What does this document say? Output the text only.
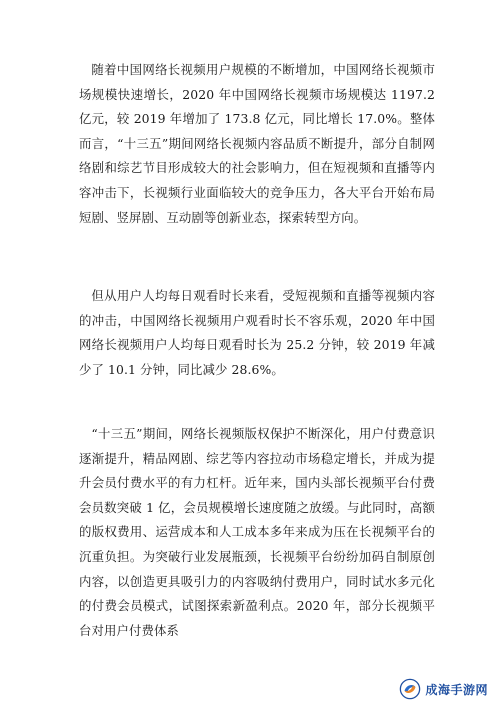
随着中国网络长视频用户规模的不断增加，中国网络长视频市场规模快速增长，2020 年中国网络长视频市场规模达 1197.2 亿元，较 2019 年增加了 173.8 亿元，同比增长 17.0%。整体而言，“十三五”期间网络长视频内容品质不断提升，部分自制网络剧和综艺节目形成较大的社会影响力，但在短视频和直播等内容冲击下，长视频行业面临较大的竞争压力，各大平台开始布局短剧、竖屏剧、互动剧等创新业态，探索转型方向。

但从用户人均每日观看时长来看，受短视频和直播等视频内容的冲击，中国网络长视频用户观看时长不容乐观，2020 年中国网络长视频用户人均每日观看时长为 25.2 分钟，较 2019 年减少了 10.1 分钟，同比减少 28.6%。

“十三五”期间，网络长视频版权保护不断深化，用户付费意识逐渐提升，精品网剧、综艺等内容拉动市场稳定增长，并成为提升会员付费水平的有力杠杆。近年来，国内头部长视频平台付费会员数突破 1 亿，会员规模增长速度随之放缓。与此同时，高额的版权费用、运营成本和人工成本多年来成为压在长视频平台的沉重负担。为突破行业发展瓶颈，长视频平台纷纷加码自制原创内容，以创造更具吸引力的内容吸纳付费用户，同时试水多元化的付费会员模式，试图探索新盈利点。2020 年，部分长视频平台对用户付费体系

成海手游网
